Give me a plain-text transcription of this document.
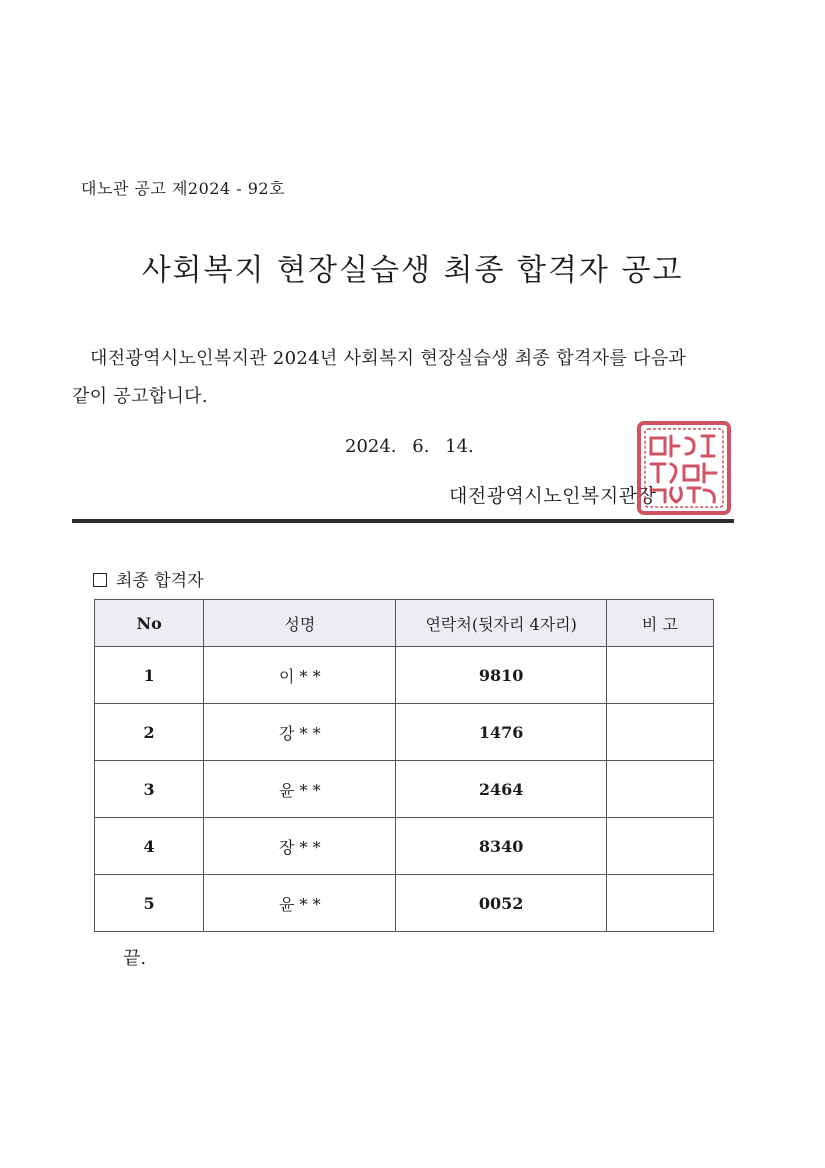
대노관 공고 제2024 - 92호
사회복지 현장실습생 최종 합격자 공고
대전광역시노인복지관 2024년 사회복지 현장실습생 최종 합격자를 다음과
같이 공고합니다.
2024. 6. 14.
대전광역시노인복지관장
최종 합격자
No	성명	연락처(뒷자리 4자리)	비 고
1	이 * *	9810	
2	강 * *	1476	
3	윤 * *	2464	
4	장 * *	8340	
5	윤 * *	0052	
끝.
